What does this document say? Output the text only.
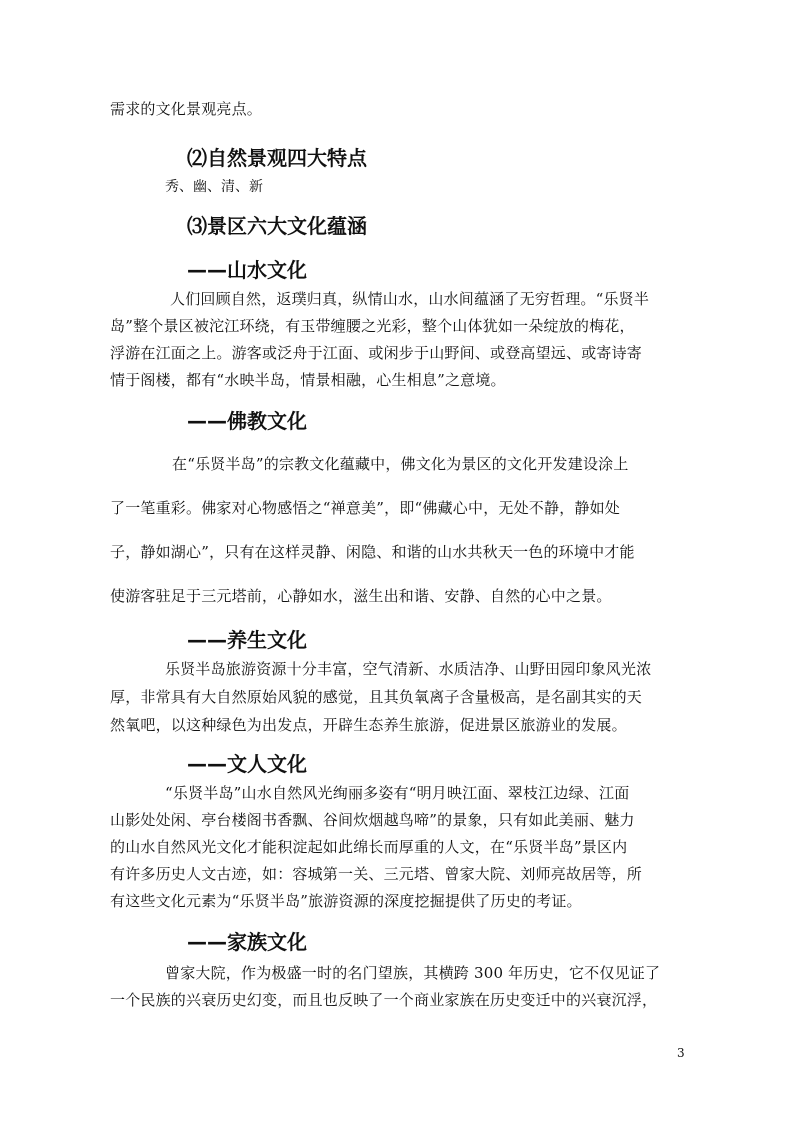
需求的文化景观亮点。
⑵自然景观四大特点
秀、幽、清、新
⑶景区六大文化蕴涵
——山水文化
人们回顾自然，返璞归真，纵情山水，山水间蕴涵了无穷哲理。“乐贤半
岛”整个景区被沱江环绕，有玉带缠腰之光彩，整个山体犹如一朵绽放的梅花，
浮游在江面之上。游客或泛舟于江面、或闲步于山野间、或登高望远、或寄诗寄
情于阁楼，都有“水映半岛，情景相融，心生相息”之意境。
——佛教文化
在“乐贤半岛”的宗教文化蕴藏中，佛文化为景区的文化开发建设涂上
了一笔重彩。佛家对心物感悟之“禅意美”，即“佛藏心中，无处不静，静如处
子，静如湖心”，只有在这样灵静、闲隐、和谐的山水共秋天一色的环境中才能
使游客驻足于三元塔前，心静如水，滋生出和谐、安静、自然的心中之景。
——养生文化
乐贤半岛旅游资源十分丰富，空气清新、水质洁净、山野田园印象风光浓
厚，非常具有大自然原始风貌的感觉，且其负氧离子含量极高，是名副其实的天
然氧吧，以这种绿色为出发点，开辟生态养生旅游，促进景区旅游业的发展。
——文人文化
“乐贤半岛”山水自然风光绚丽多姿有“明月映江面、翠枝江边绿、江面
山影处处闲、亭台楼阁书香飘、谷间炊烟越鸟啼”的景象，只有如此美丽、魅力
的山水自然风光文化才能积淀起如此绵长而厚重的人文，在“乐贤半岛”景区内
有许多历史人文古迹，如：容城第一关、三元塔、曾家大院、刘师亮故居等，所
有这些文化元素为“乐贤半岛”旅游资源的深度挖掘提供了历史的考证。
——家族文化
曾家大院，作为极盛一时的名门望族，其横跨 300 年历史，它不仅见证了
一个民族的兴衰历史幻变，而且也反映了一个商业家族在历史变迁中的兴衰沉浮，
3
